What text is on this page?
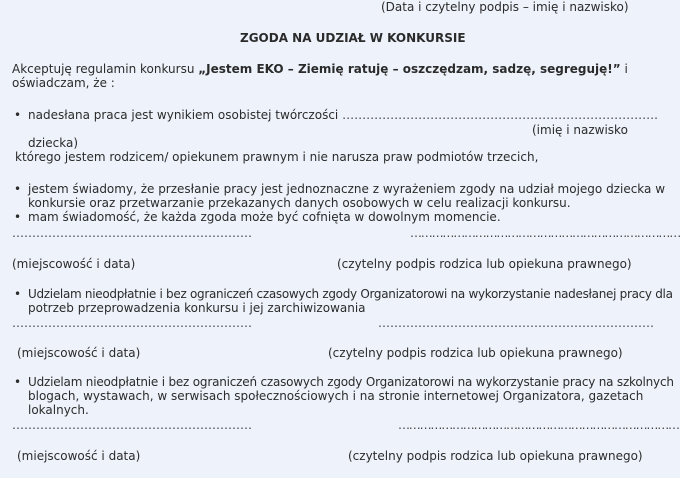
(Data i czytelny podpis – imię i nazwisko)
ZGODA NA UDZIAŁ W KONKURSIE
Akceptuję regulamin konkursu „Jestem EKO – Ziemię ratuję – oszczędzam, sadzę, segreguję!” i
oświadczam, że :
• nadesłana praca jest wynikiem osobistej twórczości …………………………………………………………………….
(imię i nazwisko
dziecka)
którego jestem rodzicem/ opiekunem prawnym i nie narusza praw podmiotów trzecich,
• jestem świadomy, że przesłanie pracy jest jednoznaczne z wyrażeniem zgody na udział mojego dziecka w
konkursie oraz przetwarzanie przekazanych danych osobowych w celu realizacji konkursu.
• mam świadomość, że każda zgoda może być cofnięta w dowolnym momencie.
……………………………………………………	…………………………………………………………………
(miejscowość i data)	(czytelny podpis rodzica lub opiekuna prawnego)
• Udzielam nieodpłatnie i bez ograniczeń czasowych zgody Organizatorowi na wykorzystanie nadesłanej pracy dla
potrzeb przeprowadzenia konkursu i jej zarchiwizowania
……………………………………………………	……………………………………………………………
(miejscowość i data)	(czytelny podpis rodzica lub opiekuna prawnego)
• Udzielam nieodpłatnie i bez ograniczeń czasowych zgody Organizatorowi na wykorzystanie pracy na szkolnych
blogach, wystawach, w serwisach społecznościowych i na stronie internetowej Organizatora, gazetach
lokalnych.
……………………………………………………	……………………………………………………………………
(miejscowość i data)	(czytelny podpis rodzica lub opiekuna prawnego)
